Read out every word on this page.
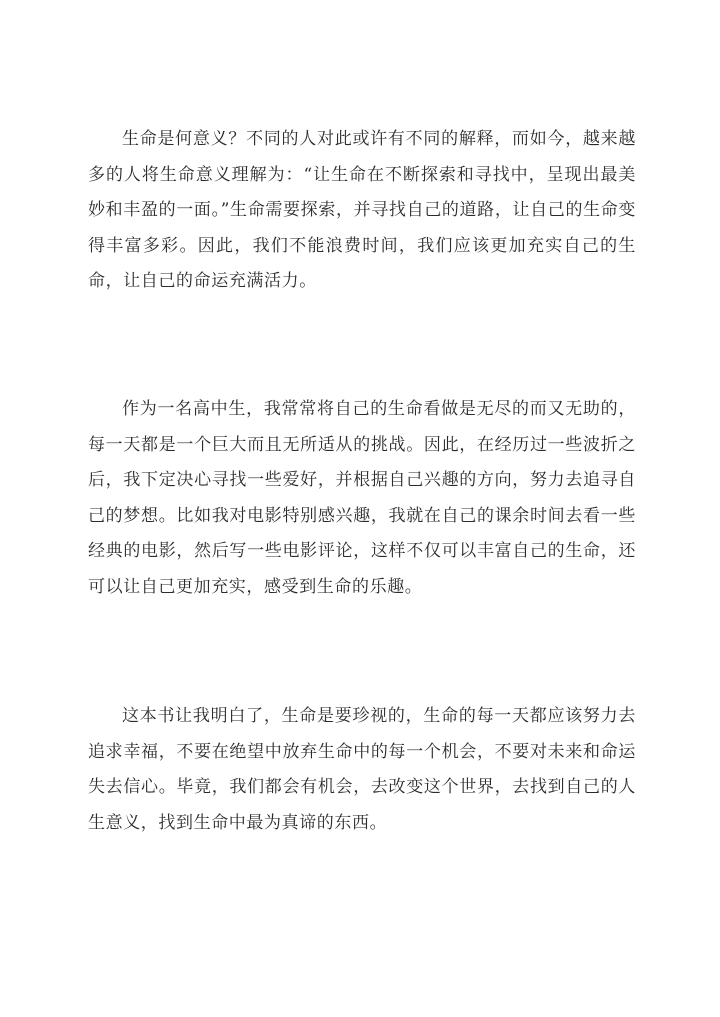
生命是何意义？不同的人对此或许有不同的解释，而如今，越来越多的人将生命意义理解为：“让生命在不断探索和寻找中，呈现出最美妙和丰盈的一面。”生命需要探索，并寻找自己的道路，让自己的生命变得丰富多彩。因此，我们不能浪费时间，我们应该更加充实自己的生命，让自己的命运充满活力。

作为一名高中生，我常常将自己的生命看做是无尽的而又无助的，每一天都是一个巨大而且无所适从的挑战。因此，在经历过一些波折之后，我下定决心寻找一些爱好，并根据自己兴趣的方向，努力去追寻自己的梦想。比如我对电影特别感兴趣，我就在自己的课余时间去看一些经典的电影，然后写一些电影评论，这样不仅可以丰富自己的生命，还可以让自己更加充实，感受到生命的乐趣。

这本书让我明白了，生命是要珍视的，生命的每一天都应该努力去追求幸福，不要在绝望中放弃生命中的每一个机会，不要对未来和命运失去信心。毕竟，我们都会有机会，去改变这个世界，去找到自己的人生意义，找到生命中最为真谛的东西。
